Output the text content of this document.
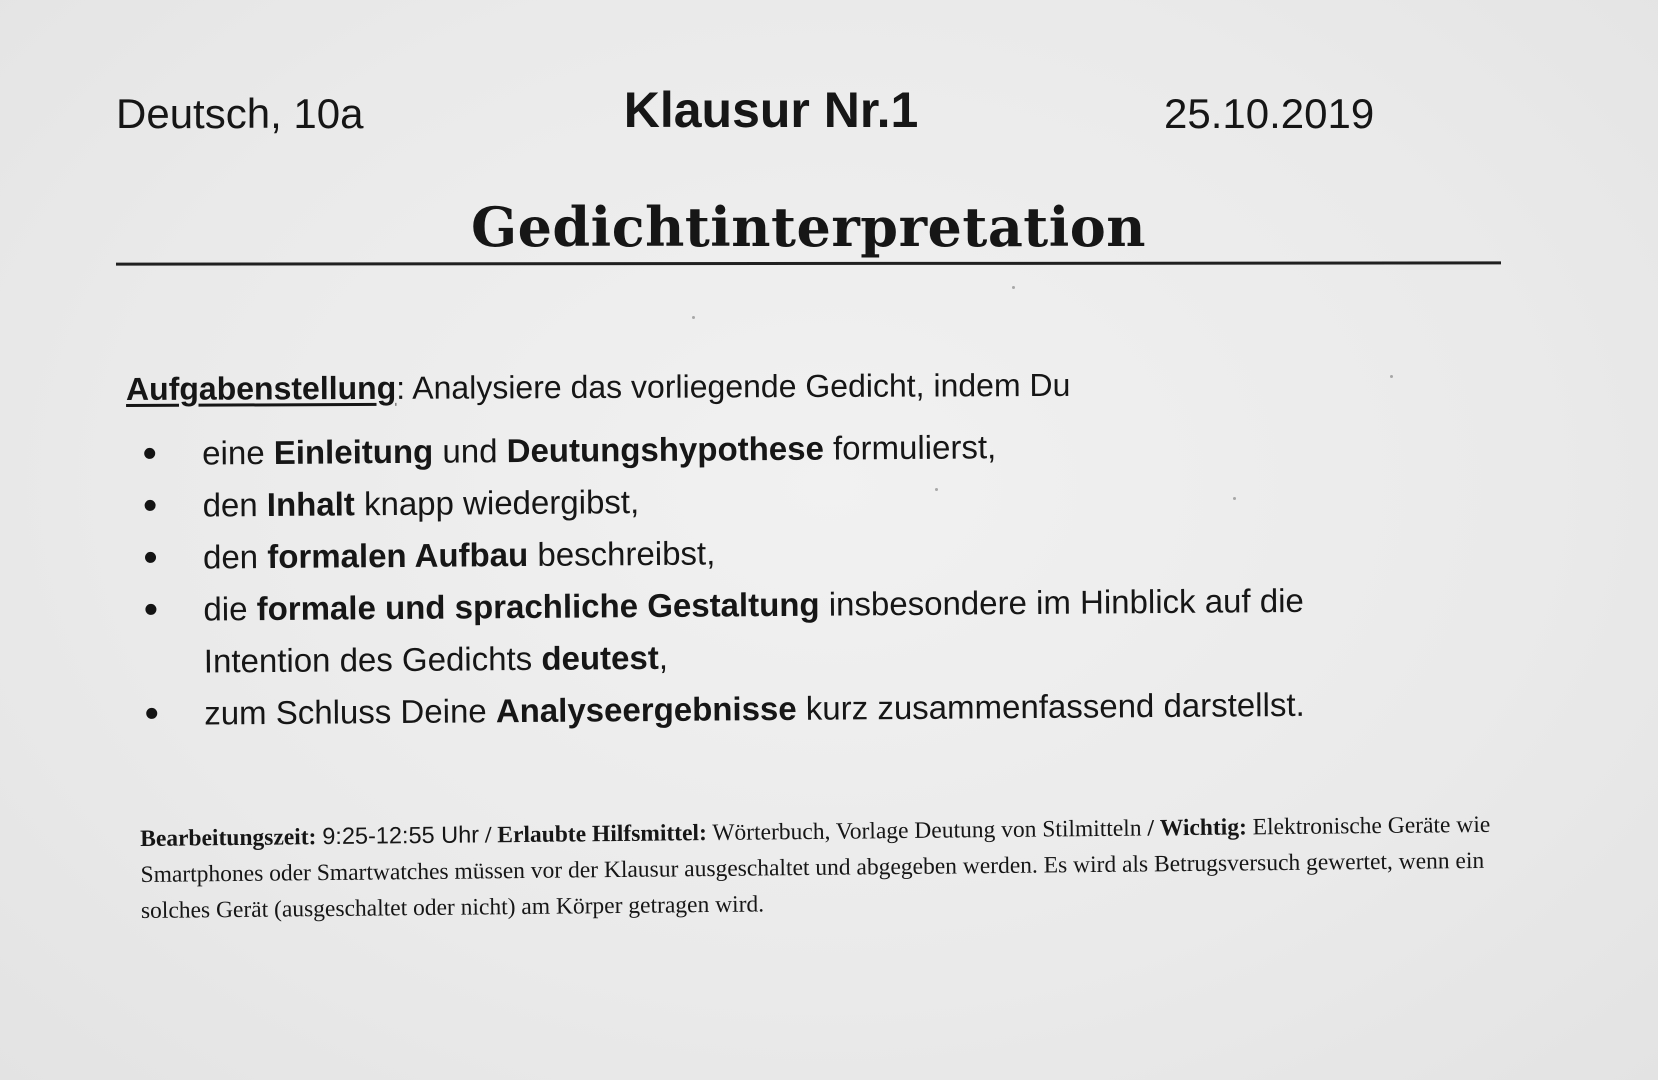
Deutsch, 10a	Klausur Nr.1	25.10.2019
Gedichtinterpretation
Aufgabenstellung: Analysiere das vorliegende Gedicht, indem Du
eine Einleitung und Deutungshypothese formulierst,
den Inhalt knapp wiedergibst,
den formalen Aufbau beschreibst,
die formale und sprachliche Gestaltung insbesondere im Hinblick auf die
Intention des Gedichts deutest,
zum Schluss Deine Analyseergebnisse kurz zusammenfassend darstellst.
Bearbeitungszeit: 9:25-12:55 Uhr / Erlaubte Hilfsmittel: Wörterbuch, Vorlage Deutung von Stilmitteln / Wichtig: Elektronische Geräte wie Smartphones oder Smartwatches müssen vor der Klausur ausgeschaltet und abgegeben werden. Es wird als Betrugsversuch gewertet, wenn ein solches Gerät (ausgeschaltet oder nicht) am Körper getragen wird.
